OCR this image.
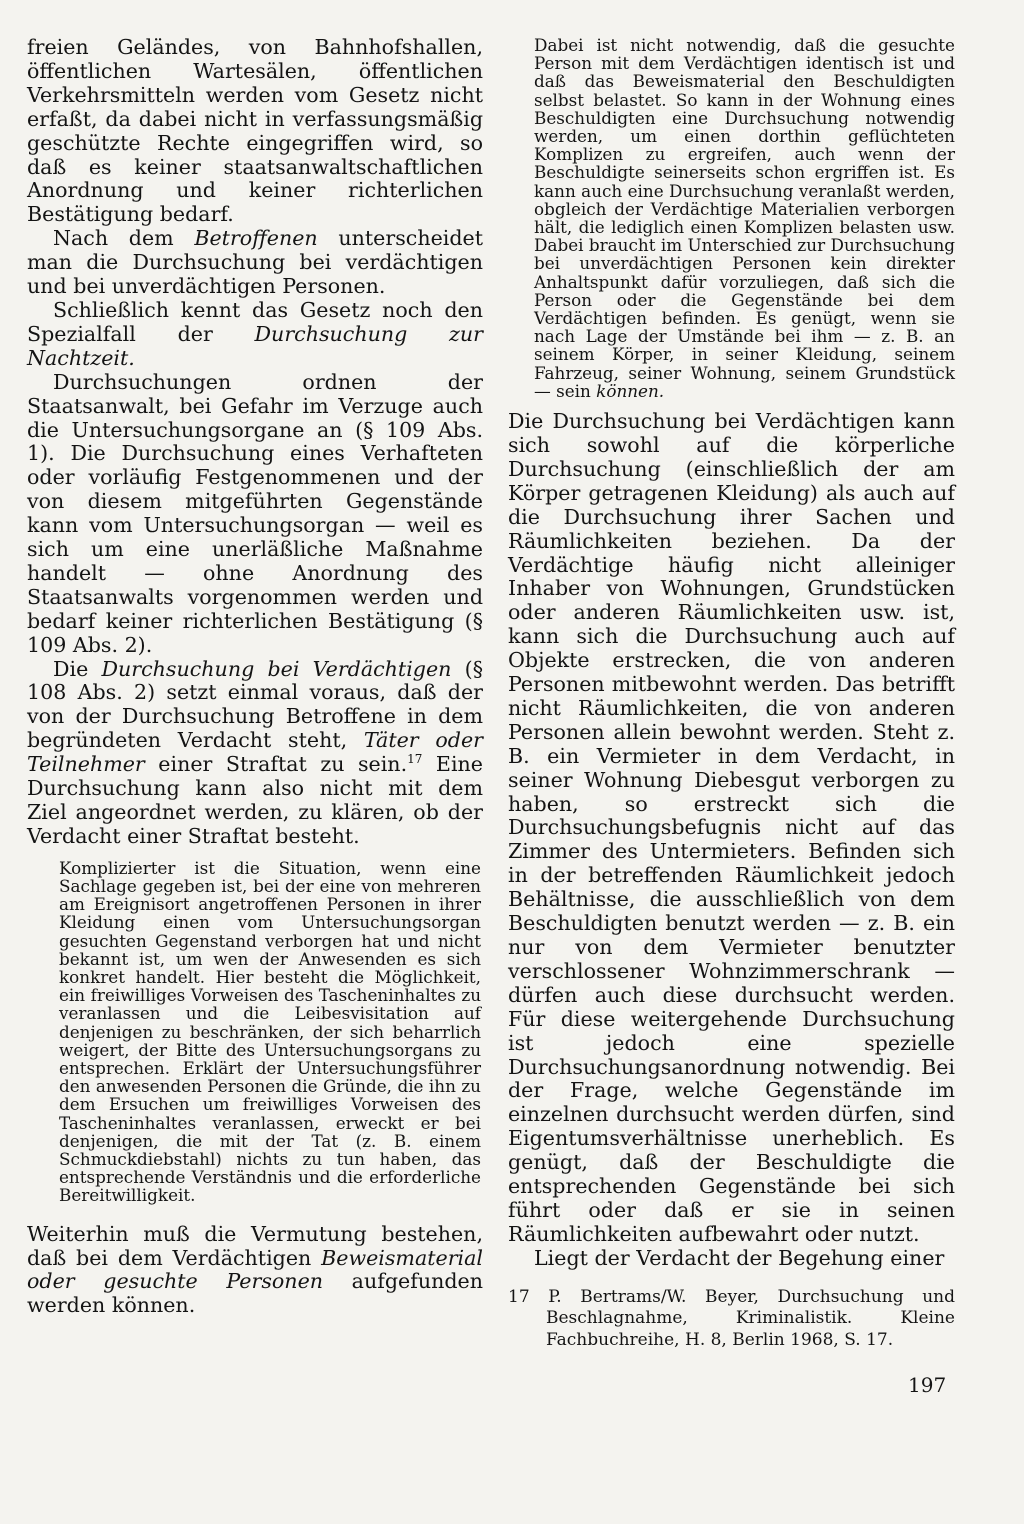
freien Geländes, von Bahnhofshallen, öffentlichen Wartesälen, öffentlichen Verkehrsmitteln werden vom Gesetz nicht erfaßt, da dabei nicht in verfassungsmäßig geschützte Rechte eingegriffen wird, so daß es keiner staatsanwaltschaftlichen Anordnung und keiner richterlichen Bestätigung bedarf.

Nach dem Betroffenen unterscheidet man die Durchsuchung bei verdächtigen und bei unverdächtigen Personen.

Schließlich kennt das Gesetz noch den Spezialfall der Durchsuchung zur Nachtzeit.

Durchsuchungen ordnen der Staatsanwalt, bei Gefahr im Verzuge auch die Untersuchungsorgane an (§ 109 Abs. 1). Die Durchsuchung eines Verhafteten oder vorläufig Festgenommenen und der von diesem mitgeführten Gegenstände kann vom Untersuchungsorgan — weil es sich um eine unerläßliche Maßnahme handelt — ohne Anordnung des Staatsanwalts vorgenommen werden und bedarf keiner richterlichen Bestätigung (§ 109 Abs. 2).

Die Durchsuchung bei Verdächtigen (§ 108 Abs. 2) setzt einmal voraus, daß der von der Durchsuchung Betroffene in dem begründeten Verdacht steht, Täter oder Teilnehmer einer Straftat zu sein.$^{17}$ Eine Durchsuchung kann also nicht mit dem Ziel angeordnet werden, zu klären, ob der Verdacht einer Straftat besteht.

Komplizierter ist die Situation, wenn eine Sachlage gegeben ist, bei der eine von mehreren am Ereignisort angetroffenen Personen in ihrer Kleidung einen vom Untersuchungsorgan gesuchten Gegenstand verborgen hat und nicht bekannt ist, um wen der Anwesenden es sich konkret handelt. Hier besteht die Möglichkeit, ein freiwilliges Vorweisen des Tascheninhaltes zu veranlassen und die Leibesvisitation auf denjenigen zu beschränken, der sich beharrlich weigert, der Bitte des Untersuchungsorgans zu entsprechen. Erklärt der Untersuchungsführer den anwesenden Personen die Gründe, die ihn zu dem Ersuchen um freiwilliges Vorweisen des Tascheninhaltes veranlassen, erweckt er bei denjenigen, die mit der Tat (z. B. einem Schmuckdiebstahl) nichts zu tun haben, das entsprechende Verständnis und die erforderliche Bereitwilligkeit.

Weiterhin muß die Vermutung bestehen, daß bei dem Verdächtigen Beweismaterial oder gesuchte Personen aufgefunden werden können.

Dabei ist nicht notwendig, daß die gesuchte Person mit dem Verdächtigen identisch ist und daß das Beweismaterial den Beschuldigten selbst belastet. So kann in der Wohnung eines Beschuldigten eine Durchsuchung notwendig werden, um einen dorthin geflüchteten Komplizen zu ergreifen, auch wenn der Beschuldigte seinerseits schon ergriffen ist. Es kann auch eine Durchsuchung veranlaßt werden, obgleich der Verdächtige Materialien verborgen hält, die lediglich einen Komplizen belasten usw. Dabei braucht im Unterschied zur Durchsuchung bei unverdächtigen Personen kein direkter Anhaltspunkt dafür vorzuliegen, daß sich die Person oder die Gegenstände bei dem Verdächtigen befinden. Es genügt, wenn sie nach Lage der Umstände bei ihm — z. B. an seinem Körper, in seiner Kleidung, seinem Fahrzeug, seiner Wohnung, seinem Grundstück — sein können.

Die Durchsuchung bei Verdächtigen kann sich sowohl auf die körperliche Durchsuchung (einschließlich der am Körper getragenen Kleidung) als auch auf die Durchsuchung ihrer Sachen und Räumlichkeiten beziehen. Da der Verdächtige häufig nicht alleiniger Inhaber von Wohnungen, Grundstücken oder anderen Räumlichkeiten usw. ist, kann sich die Durchsuchung auch auf Objekte erstrecken, die von anderen Personen mitbewohnt werden. Das betrifft nicht Räumlichkeiten, die von anderen Personen allein bewohnt werden. Steht z. B. ein Vermieter in dem Verdacht, in seiner Wohnung Diebesgut verborgen zu haben, so erstreckt sich die Durchsuchungsbefugnis nicht auf das Zimmer des Untermieters. Befinden sich in der betreffenden Räumlichkeit jedoch Behältnisse, die ausschließlich von dem Beschuldigten benutzt werden — z. B. ein nur von dem Vermieter benutzter verschlossener Wohnzimmerschrank — dürfen auch diese durchsucht werden. Für diese weitergehende Durchsuchung ist jedoch eine spezielle Durchsuchungsanordnung notwendig. Bei der Frage, welche Gegenstände im einzelnen durchsucht werden dürfen, sind Eigentumsverhältnisse unerheblich. Es genügt, daß der Beschuldigte die entsprechenden Gegenstände bei sich führt oder daß er sie in seinen Räumlichkeiten aufbewahrt oder nutzt.

Liegt der Verdacht der Begehung einer

17 P. Bertrams/W. Beyer, Durchsuchung und Beschlagnahme, Kriminalistik. Kleine Fachbuchreihe, H. 8, Berlin 1968, S. 17.

197
